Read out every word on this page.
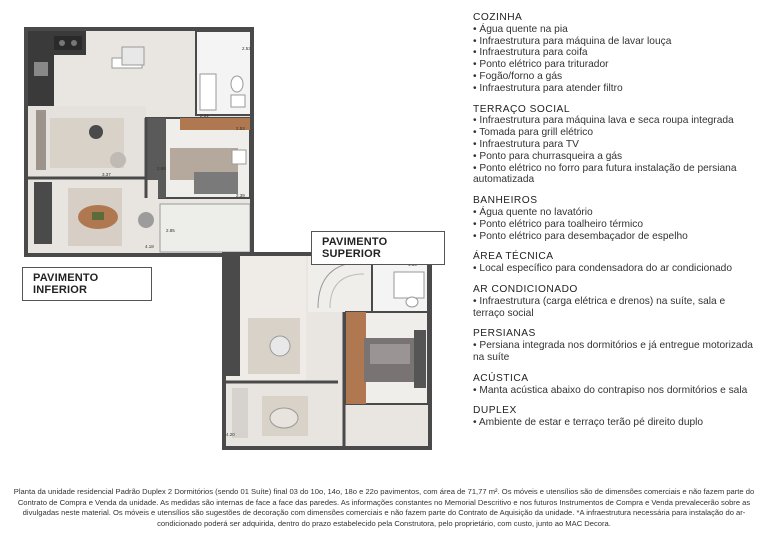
2.53
2.51
2.88
2.53
3.37
2.39
4.18
2.85
4.20
PAVIMENTO INFERIOR
PAVIMENTO SUPERIOR
COZINHA
• Água quente na pia
• Infraestrutura para máquina de lavar louça
• Infraestrutura para coifa
• Ponto elétrico para triturador
• Fogão/forno a gás
• Infraestrutura para atender filtro
TERRAÇO SOCIAL
• Infraestrutura para máquina lava e seca roupa integrada
• Tomada para grill elétrico
• Infraestrutura para TV
• Ponto para churrasqueira a gás
• Ponto elétrico no forro para futura instalação de persiana automatizada
BANHEIROS
• Água quente no lavatório
• Ponto elétrico para toalheiro térmico
• Ponto elétrico para desembaçador de espelho
ÁREA TÉCNICA
• Local específico para condensadora do ar condicionado
AR CONDICIONADO
• Infraestrutura (carga elétrica e drenos) na suíte, sala e terraço social
PERSIANAS
• Persiana integrada nos dormitórios e já entregue motorizada na suíte
ACÚSTICA
• Manta acústica abaixo do contrapiso nos dormitórios e sala
DUPLEX
• Ambiente de estar e terraço terão pé direito duplo
Planta da unidade residencial Padrão Duplex 2 Dormitórios (sendo 01 Suíte) final 03 do 10o, 14o, 18o e 22o pavimentos, com área de 71,77 m². Os móveis e utensílios são de dimensões comerciais e não fazem parte do Contrato de Compra e Venda da unidade. As medidas são internas de face a face das paredes. As informações constantes no Memorial Descritivo e nos futuros Instrumentos de Compra e Venda prevalecerão sobre as divulgadas neste material. Os móveis e utensílios são sugestões de decoração com dimensões comerciais e não fazem parte do Contrato de Aquisição da unidade. *A infraestrutura necessária para instalação do ar-condicionado poderá ser adquirida, dentro do prazo estabelecido pela Construtora, pelo proprietário, com custo, junto ao MAC Decora.
